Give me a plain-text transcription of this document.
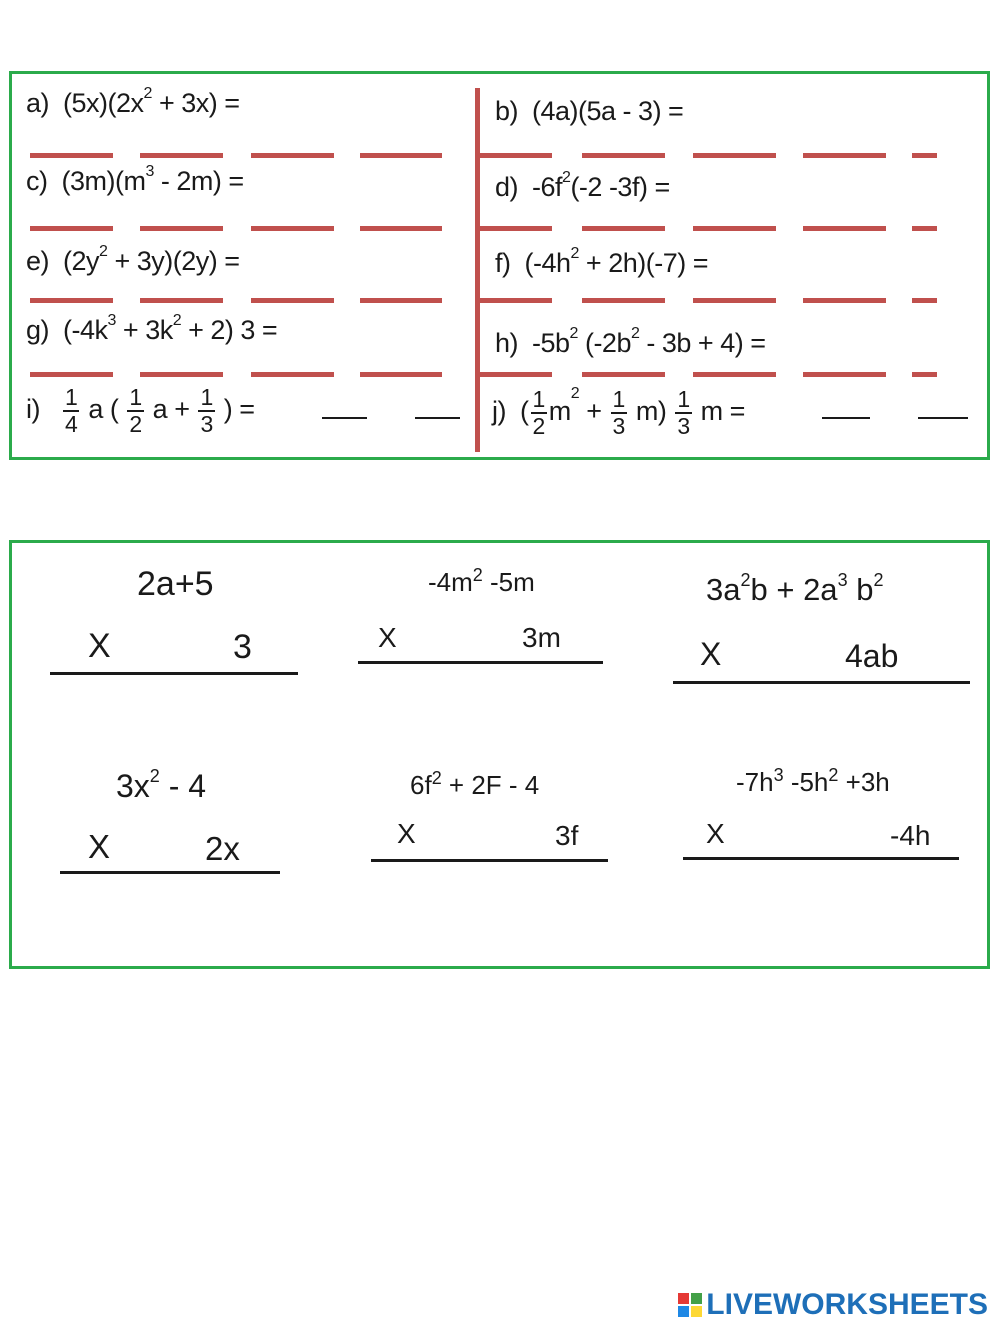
a) $(5x)(2x^2 + 3x)$ =	b) (4a)(5a - 3) =
c) $(3m)(m^3 - 2m)$ =	d) $-6f^2(-2$ -3f) =
e) $(2y^2 + 3y)(2y)$ =	f) $(-4h^2 + 2h)(-7)$ =
g) $(-4k^3 + 3k^2 + 2) 3$ =	h) $-5b^2$ $(-2b^2 - 3b + 4)$ =
$i) \frac{1}{4}$ a ( $\frac{1}{2}$ $a + \frac{1}{3}$ ) =	j) ( $\frac{1}{2} m^2 + \frac{1}{3} m) \frac{1}{3}$ m =
2a+5
X	3
$-4m^2$ -5m
X	3m
$3a^2b + 2a^3$ $b^2$
X	4ab
$3x^2 - 4$
X	2x
$6f^2 + 2F - 4$
X	3f
$-7h^3$ $-5h^2 +3h$
X	-4h
LIVEWORKSHEETS
